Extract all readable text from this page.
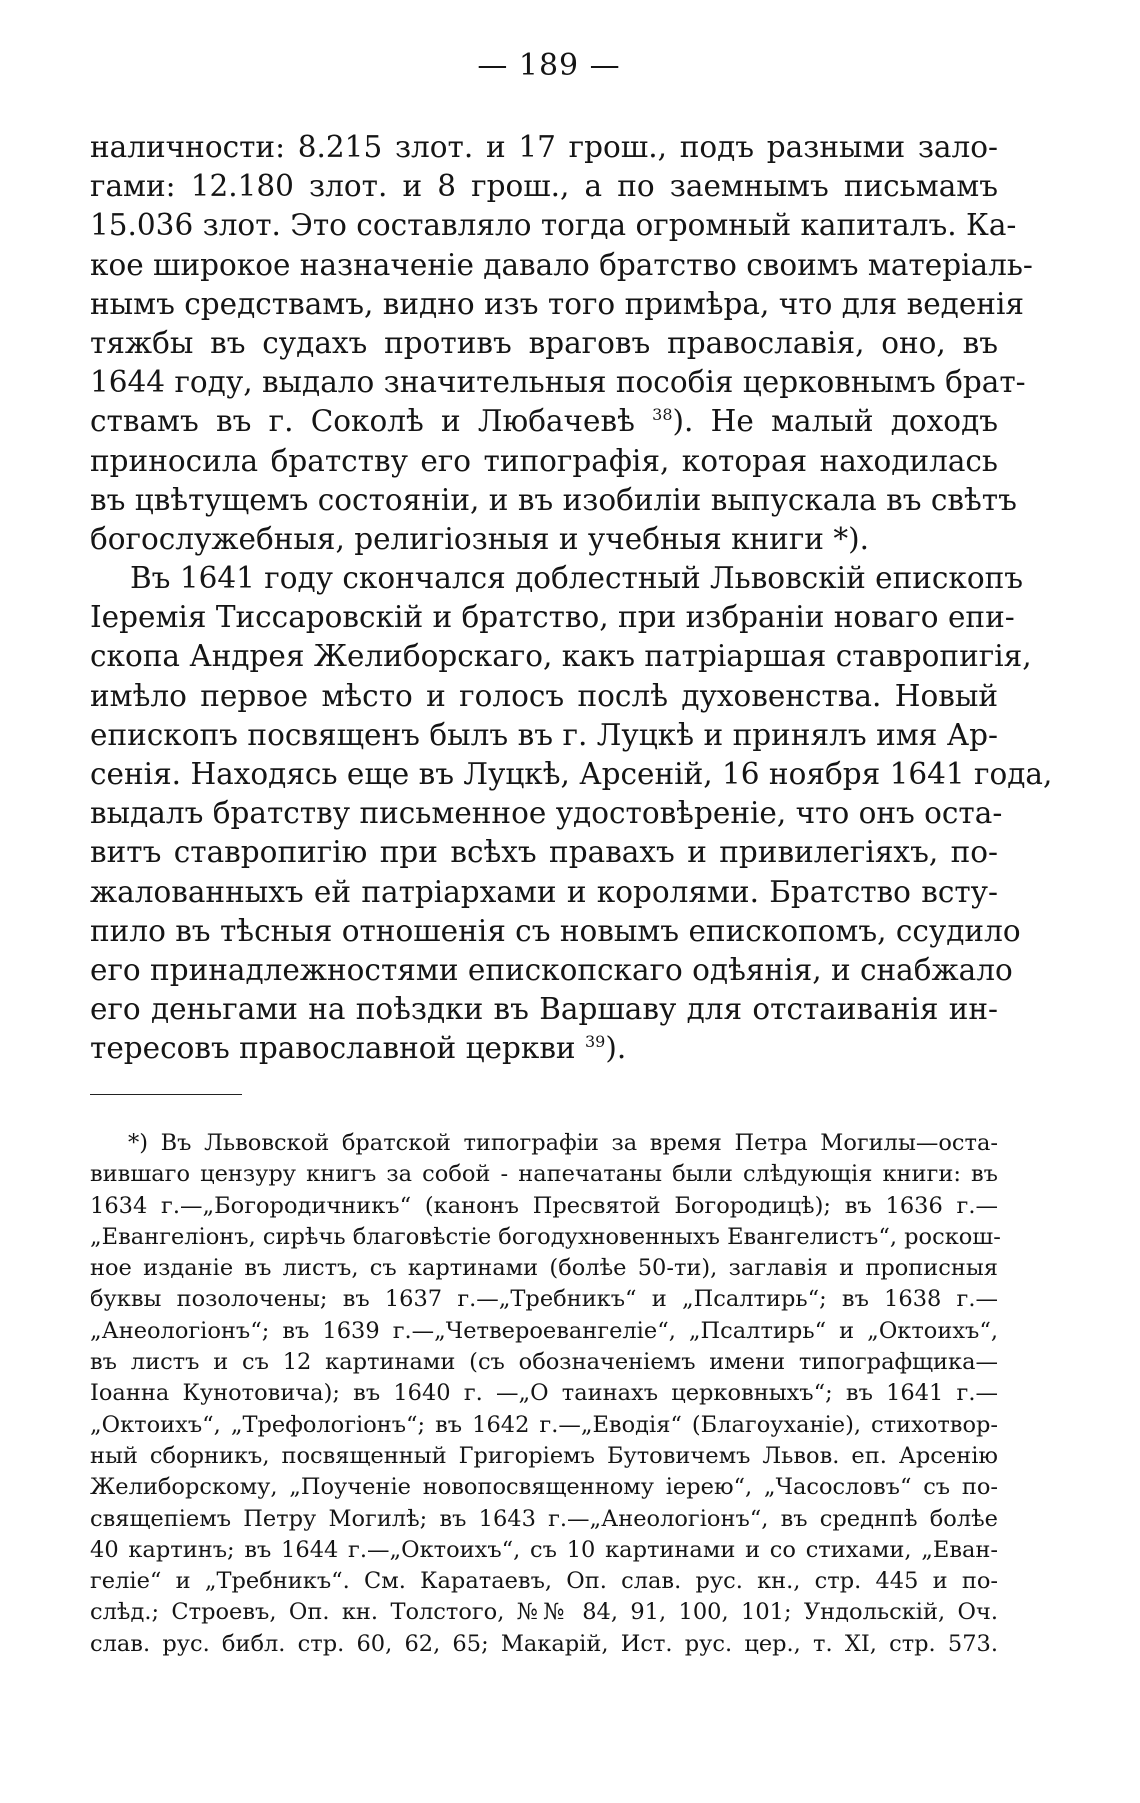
— 189 —
наличности: 8.215 злот. и 17 грош., подъ разными зало-
гами: 12.180 злот. и 8 грош., а по заемнымъ письмамъ
15.036 злот. Это составляло тогда огромный капиталъ. Ка-
кое широкое назначеніе давало братство своимъ матеріаль-
нымъ средствамъ, видно изъ того примѣра, что для веденія
тяжбы въ судахъ противъ враговъ православія, оно, въ
1644 году, выдало значительныя пособія церковнымъ брат-
ствамъ въ г. Соколѣ и Любачевѣ $^{38}$). Не малый доходъ
приносила братству его типографія, которая находилась
въ цвѣтущемъ состояніи, и въ изобиліи выпускала въ свѣтъ
богослужебныя, религіозныя и учебныя книги *).
Въ 1641 году скончался доблестный Львовскій епископъ
Іеремія Тиссаровскій и братство, при избраніи новаго епи-
скопа Андрея Желиборскаго, какъ патріаршая ставропигія,
имѣло первое мѣсто и голосъ послѣ духовенства. Новый
епископъ посвященъ былъ въ г. Луцкѣ и принялъ имя Ар-
сенія. Находясь еще въ Луцкѣ, Арсеній, 16 ноября 1641 года,
выдалъ братству письменное удостовѣреніе, что онъ оста-
витъ ставропигію при всѣхъ правахъ и привилегіяхъ, по-
жалованныхъ ей патріархами и королями. Братство всту-
пило въ тѣсныя отношенія съ новымъ епископомъ, ссудило
его принадлежностями епископскаго одѣянія, и снабжало
его деньгами на поѣздки въ Варшаву для отстаиванія ин-
тересовъ православной церкви $^{39}$).
*) Въ Львовской братской типографіи за время Петра Могилы—оста-
вившаго цензуру книгъ за собой - напечатаны были слѣдующія книги: въ
1634 г.—„Богородичникъ“ (канонъ Пресвятой Богородицѣ); въ 1636 г.—
„Евангеліонъ, сирѣчь благовѣстіе богодухновенныхъ Евангелистъ“, роскош-
ное изданіе въ листъ, съ картинами (болѣе 50-ти), заглавія и прописныя
буквы позолочены; въ 1637 г.—„Требникъ“ и „Псалтирь“; въ 1638 г.—
„Анеологіонъ“; въ 1639 г.—„Четвероевангеліе“, „Псалтирь“ и „Октоихъ“,
въ листъ и съ 12 картинами (съ обозначеніемъ имени типографщика—
Іоанна Кунотовича); въ 1640 г. —„О таинахъ церковныхъ“; въ 1641 г.—
„Октоихъ“, „Трефологіонъ“; въ 1642 г.—„Еводія“ (Благоуханіе), стихотвор-
ный сборникъ, посвященный Григоріемъ Бутовичемъ Львов. еп. Арсенію
Желиборскому, „Поученіе новопосвященному іерею“, „Часословъ“ съ по-
свящепіемъ Петру Могилѣ; въ 1643 г.—„Анеологіонъ“, въ среднпѣ болѣе
40 картинъ; въ 1644 г.—„Октоихъ“, съ 10 картинами и со стихами, „Еван-
геліе“ и „Требникъ“. См. Каратаевъ, Оп. слав. рус. кн., стр. 445 и по-
слѣд.; Строевъ, Оп. кн. Толстого, №№ 84, 91, 100, 101; Ундольскій, Оч.
слав. рус. библ. стр. 60, 62, 65; Макарій, Ист. рус. цер., т. XI, стр. 573.
